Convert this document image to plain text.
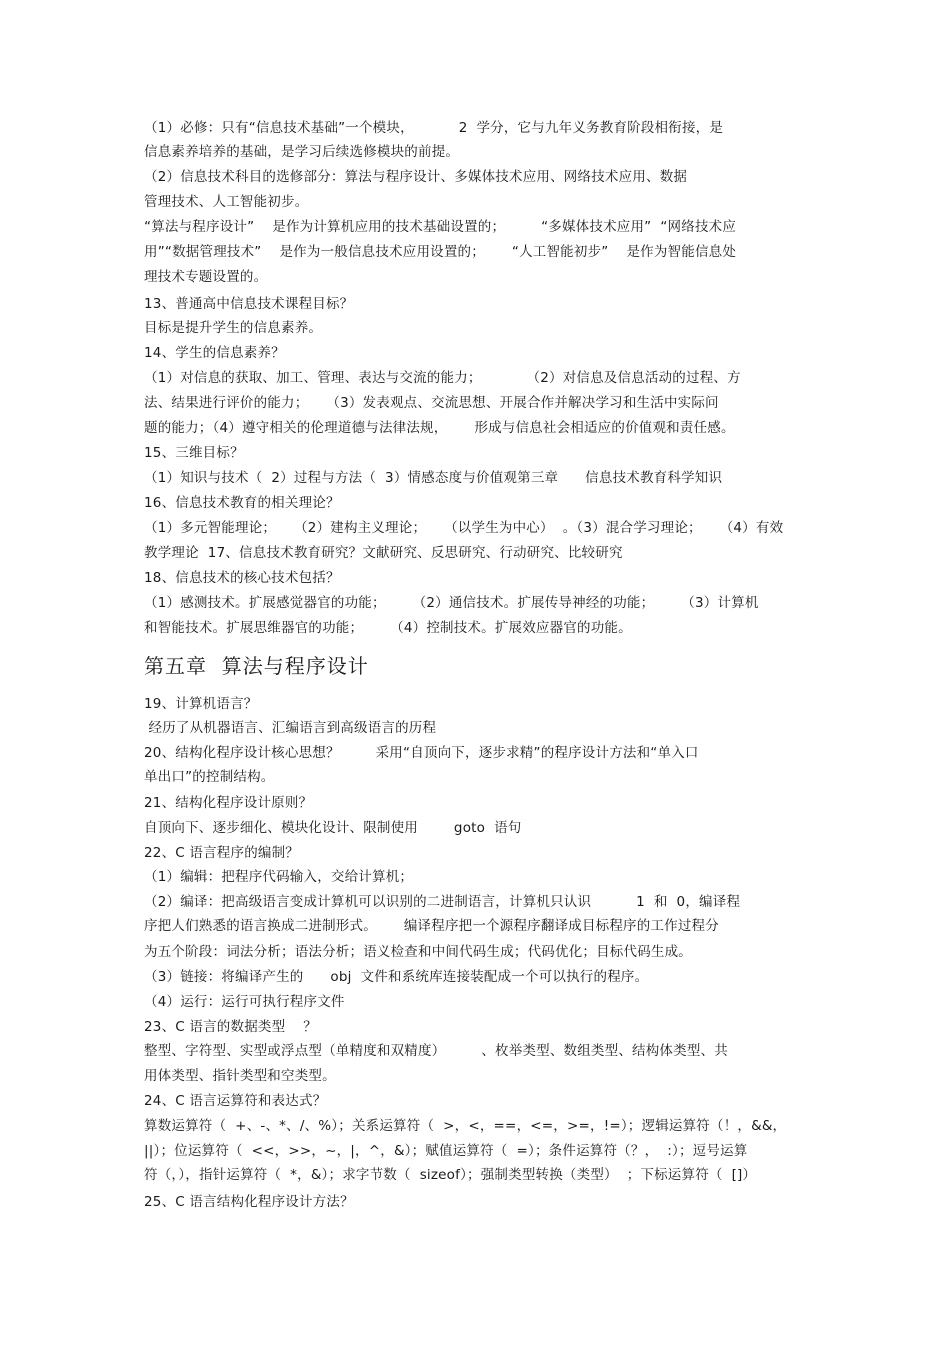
（1）必修：只有“信息技术基础”一个模块，          2  学分，它与九年义务教育阶段相衔接，是
信息素养培养的基础，是学习后续选修模块的前提。
（2）信息技术科目的选修部分：算法与程序设计、多媒体技术应用、网络技术应用、数据
管理技术、人工智能初步。
“算法与程序设计”    是作为计算机应用的技术基础设置的；        “多媒体技术应用”  “网络技术应
用”“数据管理技术”    是作为一般信息技术应用设置的；      “人工智能初步”    是作为智能信息处
理技术专题设置的。
13、普通高中信息技术课程目标？
目标是提升学生的信息素养。
14、学生的信息素养？
（1）对信息的获取、加工、管理、表达与交流的能力；          （2）对信息及信息活动的过程、方
法、结果进行评价的能力；    （3）发表观点、交流思想、开展合作并解决学习和生活中实际问
题的能力；（4）遵守相关的伦理道德与法律法规，      形成与信息社会相适应的价值观和责任感。
15、三维目标？
（1）知识与技术（  2）过程与方法（  3）情感态度与价值观第三章      信息技术教育科学知识
16、信息技术教育的相关理论？
（1）多元智能理论；    （2）建构主义理论；    （以学生为中心）  。（3）混合学习理论；    （4）有效
教学理论  17、信息技术教育研究？文献研究、反思研究、行动研究、比较研究
18、信息技术的核心技术包括？
（1）感测技术。扩展感觉器官的功能；      （2）通信技术。扩展传导神经的功能；      （3）计算机
和智能技术。扩展思维器官的功能；      （4）控制技术。扩展效应器官的功能。
第五章  算法与程序设计
19、计算机语言？
经历了从机器语言、汇编语言到高级语言的历程
20、结构化程序设计核心思想？        采用“自顶向下，逐步求精”的程序设计方法和“单入口
单出口”的控制结构。
21、结构化程序设计原则？
自顶向下、逐步细化、模块化设计、限制使用        goto  语句
22、C 语言程序的编制？
（1）编辑：把程序代码输入，交给计算机；
（2）编译：把高级语言变成计算机可以识别的二进制语言，计算机只认识          1  和  0，编译程
序把人们熟悉的语言换成二进制形式。      编译程序把一个源程序翻译成目标程序的工作过程分
为五个阶段：词法分析；语法分析；语义检查和中间代码生成；代码优化；目标代码生成。
（3）链接：将编译产生的      obj  文件和系统库连接装配成一个可以执行的程序。
（4）运行：运行可执行程序文件
23、C 语言的数据类型    ？
整型、字符型、实型或浮点型（单精度和双精度）        、枚举类型、数组类型、结构体类型、共
用体类型、指针类型和空类型。
24、C 语言运算符和表达式？
算数运算符（  +、-、*、/、%）；关系运算符（  >，<，==，<=，>=，!=）；逻辑运算符（！，&&，
||）；位运算符（  <<，>>，~，|，^，&）；赋值运算符（  =）；条件运算符（？，  :）；逗号运算
符（，），指针运算符（  *，&）；求字节数（  sizeof）；强制类型转换（类型）  ；下标运算符（  []）
25、C 语言结构化程序设计方法？
